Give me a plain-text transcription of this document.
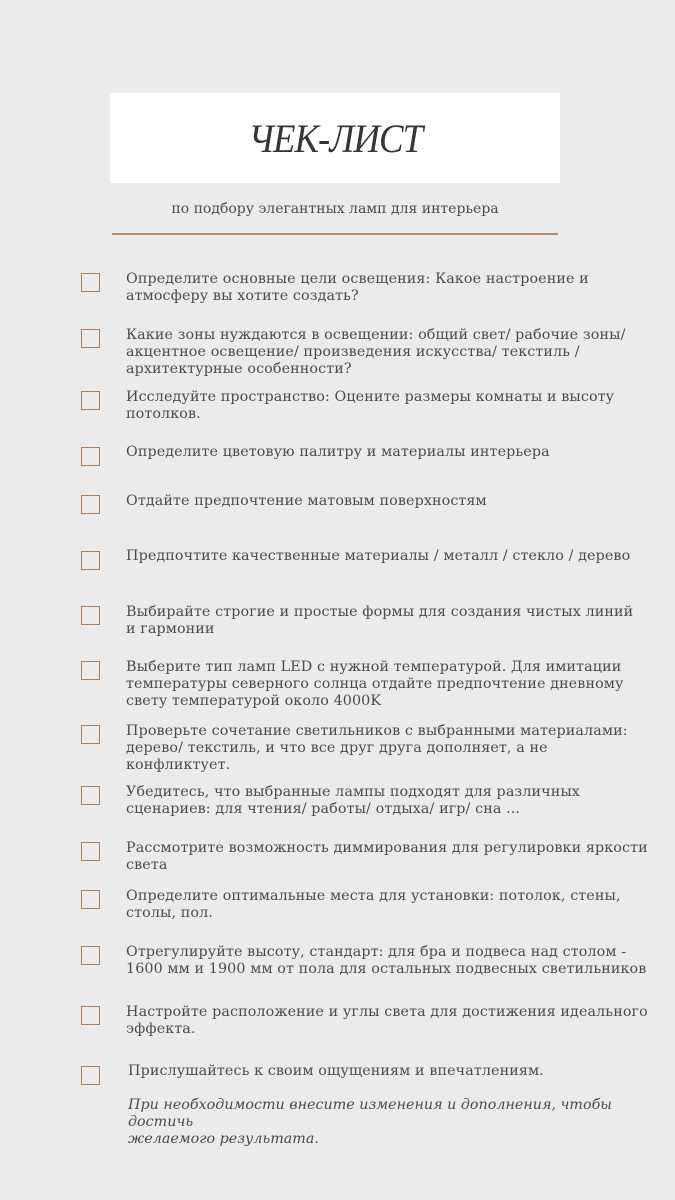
ЧЕК-ЛИСТ
по подбору элегантных ламп для интерьера
Определите основные цели освещения: Какое настроение и
атмосферу вы хотите создать?
Какие зоны нуждаются в освещении: общий свет/ рабочие зоны/
акцентное освещение/ произведения искусства/ текстиль /
архитектурные особенности?
Исследуйте пространство: Оцените размеры комнаты и высоту
потолков.
Определите цветовую палитру и материалы интерьера
Отдайте предпочтение матовым поверхностям
Предпочтите качественные материалы / металл / стекло / дерево
Выбирайте строгие и простые формы для создания чистых линий
и гармонии
Выберите тип ламп LED с нужной температурой. Для имитации
температуры северного солнца отдайте предпочтение дневному
свету температурой около 4000K
Проверьте сочетание светильников с выбранными материалами:
дерево/ текстиль, и что все друг друга дополняет, а не
конфликтует.
Убедитесь, что выбранные лампы подходят для различных
сценариев: для чтения/ работы/ отдыха/ игр/ сна ...
Рассмотрите возможность диммирования для регулировки яркости
света
Определите оптимальные места для установки: потолок, стены,
столы, пол.
Отрегулируйте высоту, стандарт: для бра и подвеса над столом -
1600 мм и 1900 мм от пола для остальных подвесных светильников
Настройте расположение и углы света для достижения идеального
эффекта.
Прислушайтесь к своим ощущениям и впечатлениям.
При необходимости внесите изменения и дополнения, чтобы достичь
желаемого результата.
